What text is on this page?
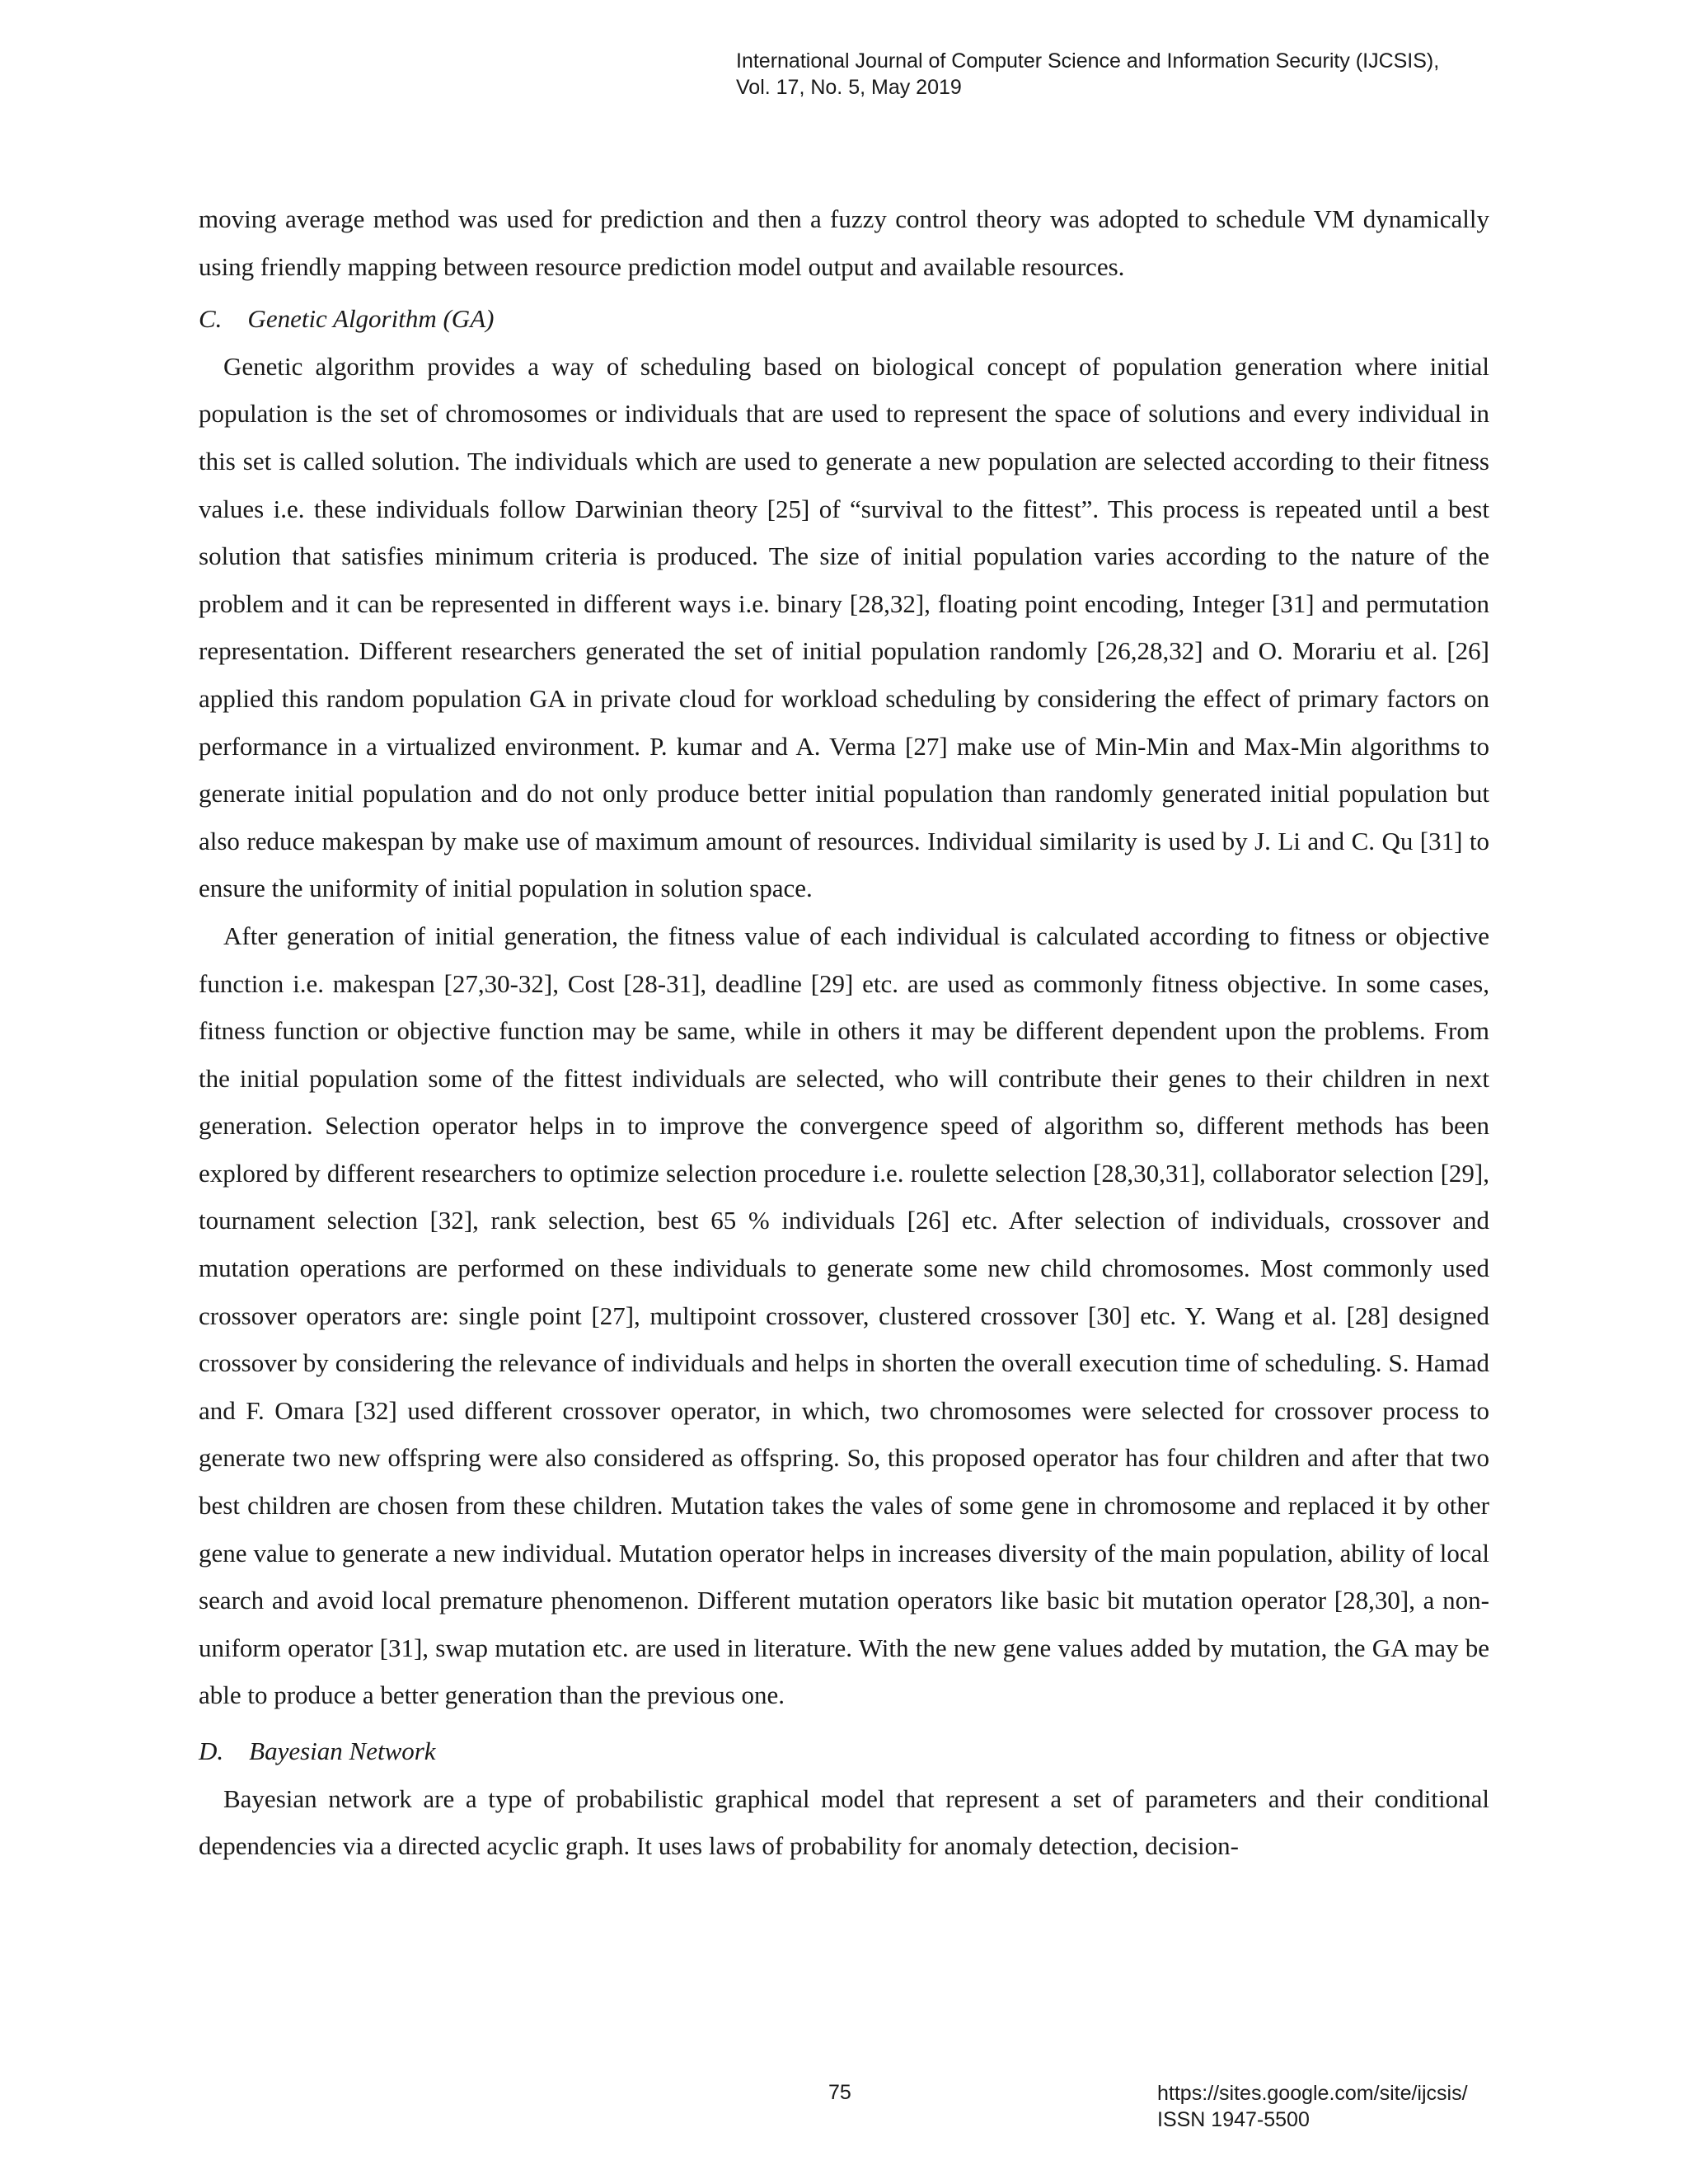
International Journal of Computer Science and Information Security (IJCSIS),
Vol. 17, No. 5, May 2019

moving average method was used for prediction and then a fuzzy control theory was adopted to schedule VM dynamically using friendly mapping between resource prediction model output and available resources.

C. Genetic Algorithm (GA)

Genetic algorithm provides a way of scheduling based on biological concept of population generation where initial population is the set of chromosomes or individuals that are used to represent the space of solutions and every individual in this set is called solution. The individuals which are used to generate a new population are selected according to their fitness values i.e. these individuals follow Darwinian theory [25] of “survival to the fittest”. This process is repeated until a best solution that satisfies minimum criteria is produced. The size of initial population varies according to the nature of the problem and it can be represented in different ways i.e. binary [28,32], floating point encoding, Integer [31] and permutation representation. Different researchers generated the set of initial population randomly [26,28,32] and O. Morariu et al. [26] applied this random population GA in private cloud for workload scheduling by considering the effect of primary factors on performance in a virtualized environment. P. kumar and A. Verma [27] make use of Min-Min and Max-Min algorithms to generate initial population and do not only produce better initial population than randomly generated initial population but also reduce makespan by make use of maximum amount of resources. Individual similarity is used by J. Li and C. Qu [31] to ensure the uniformity of initial population in solution space.

After generation of initial generation, the fitness value of each individual is calculated according to fitness or objective function i.e. makespan [27,30-32], Cost [28-31], deadline [29] etc. are used as commonly fitness objective. In some cases, fitness function or objective function may be same, while in others it may be different dependent upon the problems. From the initial population some of the fittest individuals are selected, who will contribute their genes to their children in next generation. Selection operator helps in to improve the convergence speed of algorithm so, different methods has been explored by different researchers to optimize selection procedure i.e. roulette selection [28,30,31], collaborator selection [29], tournament selection [32], rank selection, best 65 % individuals [26] etc. After selection of individuals, crossover and mutation operations are performed on these individuals to generate some new child chromosomes. Most commonly used crossover operators are: single point [27], multipoint crossover, clustered crossover [30] etc. Y. Wang et al. [28] designed crossover by considering the relevance of individuals and helps in shorten the overall execution time of scheduling. S. Hamad and F. Omara [32] used different crossover operator, in which, two chromosomes were selected for crossover process to generate two new offspring were also considered as offspring. So, this proposed operator has four children and after that two best children are chosen from these children. Mutation takes the vales of some gene in chromosome and replaced it by other gene value to generate a new individual. Mutation operator helps in increases diversity of the main population, ability of local search and avoid local premature phenomenon. Different mutation operators like basic bit mutation operator [28,30], a non-uniform operator [31], swap mutation etc. are used in literature. With the new gene values added by mutation, the GA may be able to produce a better generation than the previous one.

D. Bayesian Network

Bayesian network are a type of probabilistic graphical model that represent a set of parameters and their conditional dependencies via a directed acyclic graph. It uses laws of probability for anomaly detection, decision-

75	https://sites.google.com/site/ijcsis/
ISSN 1947-5500
